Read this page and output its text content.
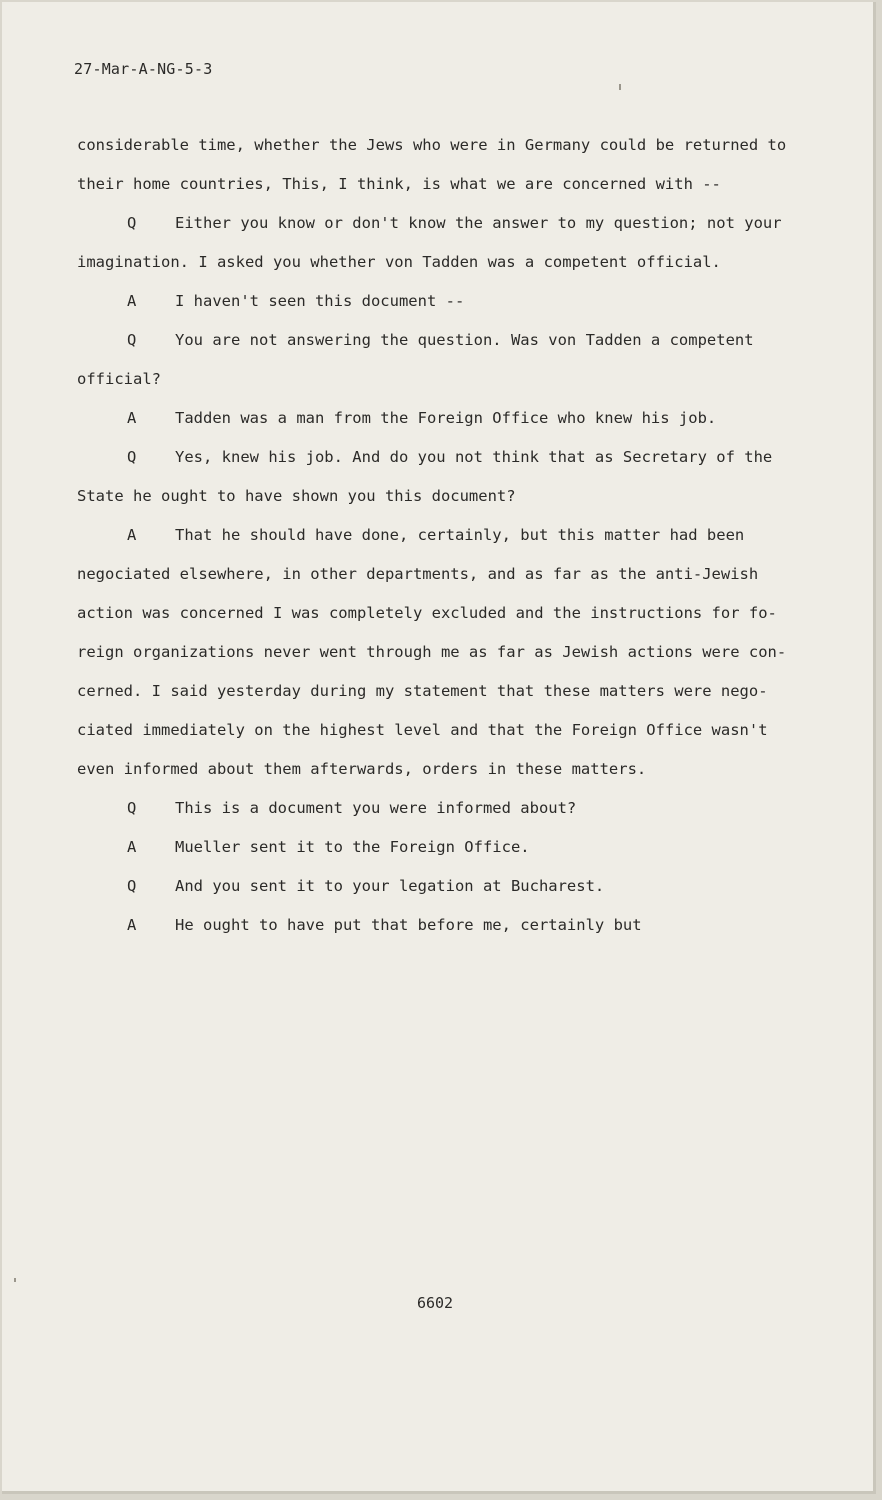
27-Mar-A-NG-5-3
considerable time, whether the Jews who were in Germany could be returned to
their home countries, This, I think, is what we are concerned with --
Q Either you know or don't know the answer to my question; not your
imagination. I asked you whether von Tadden was a competent official.
A I haven't seen this document --
Q You are not answering the question. Was von Tadden a competent
official?
A Tadden was a man from the Foreign Office who knew his job.
Q Yes, knew his job. And do you not think that as Secretary of the
State he ought to have shown you this document?
A That he should have done, certainly, but this matter had been
negociated elsewhere, in other departments, and as far as the anti-Jewish
action was concerned I was completely excluded and the instructions for fo-
reign organizations never went through me as far as Jewish actions were con-
cerned. I said yesterday during my statement that these matters were nego-
ciated immediately on the highest level and that the Foreign Office wasn't
even informed about them afterwards, orders in these matters.
Q This is a document you were informed about?
A Mueller sent it to the Foreign Office.
Q And you sent it to your legation at Bucharest.
A He ought to have put that before me, certainly but
6602
